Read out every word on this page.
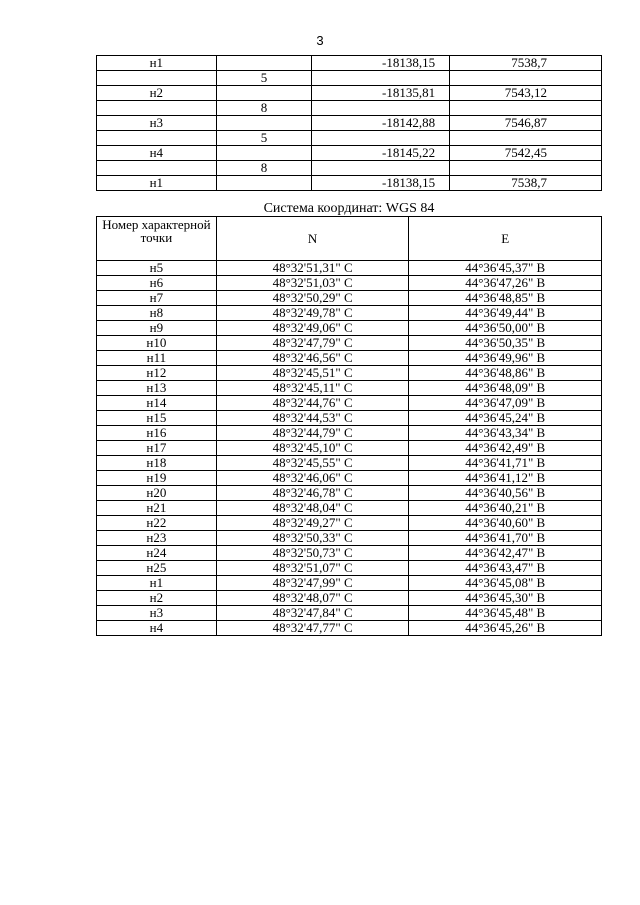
3
н1		-18138,15	7538,7
	5		
н2		-18135,81	7543,12
	8		
н3		-18142,88	7546,87
	5		
н4		-18145,22	7542,45
	8		
н1		-18138,15	7538,7
Система координат: WGS 84
Номер характерной точки	N	E
н5	48°32'51,31" С	44°36'45,37" В
н6	48°32'51,03" С	44°36'47,26" В
н7	48°32'50,29" С	44°36'48,85" В
н8	48°32'49,78" С	44°36'49,44" В
н9	48°32'49,06" С	44°36'50,00" В
н10	48°32'47,79" С	44°36'50,35" В
н11	48°32'46,56" С	44°36'49,96" В
н12	48°32'45,51" С	44°36'48,86" В
н13	48°32'45,11" С	44°36'48,09" В
н14	48°32'44,76" С	44°36'47,09" В
н15	48°32'44,53" С	44°36'45,24" В
н16	48°32'44,79" С	44°36'43,34" В
н17	48°32'45,10" С	44°36'42,49" В
н18	48°32'45,55" С	44°36'41,71" В
н19	48°32'46,06" С	44°36'41,12" В
н20	48°32'46,78" С	44°36'40,56" В
н21	48°32'48,04" С	44°36'40,21" В
н22	48°32'49,27" С	44°36'40,60" В
н23	48°32'50,33" С	44°36'41,70" В
н24	48°32'50,73" С	44°36'42,47" В
н25	48°32'51,07" С	44°36'43,47" В
н1	48°32'47,99" С	44°36'45,08" В
н2	48°32'48,07" С	44°36'45,30" В
н3	48°32'47,84" С	44°36'45,48" В
н4	48°32'47,77" С	44°36'45,26" В
